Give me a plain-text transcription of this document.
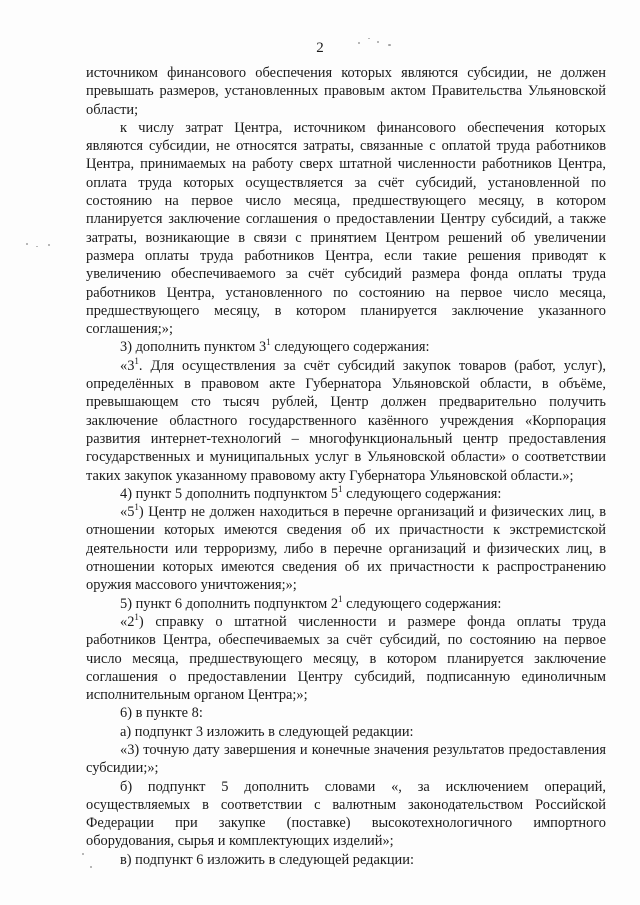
2

источником финансового обеспечения которых являются субсидии, не должен превышать размеров, установленных правовым актом Правительства Ульяновской области;

к числу затрат Центра, источником финансового обеспечения которых являются субсидии, не относятся затраты, связанные с оплатой труда работников Центра, принимаемых на работу сверх штатной численности работников Центра, оплата труда которых осуществляется за счёт субсидий, установленной по состоянию на первое число месяца, предшествующего месяцу, в котором планируется заключение соглашения о предоставлении Центру субсидий, а также затраты, возникающие в связи с принятием Центром решений об увеличении размера оплаты труда работников Центра, если такие решения приводят к увеличению обеспечиваемого за счёт субсидий размера фонда оплаты труда работников Центра, установленного по состоянию на первое число месяца, предшествующего месяцу, в котором планируется заключение указанного соглашения;»;

3) дополнить пунктом $3^1$ следующего содержания:

«$3^1$. Для осуществления за счёт субсидий закупок товаров (работ, услуг), определённых в правовом акте Губернатора Ульяновской области, в объёме, превышающем сто тысяч рублей, Центр должен предварительно получить заключение областного государственного казённого учреждения «Корпорация развития интернет-технологий – многофункциональный центр предоставления государственных и муниципальных услуг в Ульяновской области» о соответствии таких закупок указанному правовому акту Губернатора Ульяновской области.»;

4) пункт 5 дополнить подпунктом $5^1$ следующего содержания:

«$5^1$) Центр не должен находиться в перечне организаций и физических лиц, в отношении которых имеются сведения об их причастности к экстремистской деятельности или терроризму, либо в перечне организаций и физических лиц, в отношении которых имеются сведения об их причастности к распространению оружия массового уничтожения;»;

5) пункт 6 дополнить подпунктом $2^1$ следующего содержания:

«$2^1$) справку о штатной численности и размере фонда оплаты труда работников Центра, обеспечиваемых за счёт субсидий, по состоянию на первое число месяца, предшествующего месяцу, в котором планируется заключение соглашения о предоставлении Центру субсидий, подписанную единоличным исполнительным органом Центра;»;

6) в пункте 8:

а) подпункт 3 изложить в следующей редакции:

«3) точную дату завершения и конечные значения результатов предоставления субсидии;»;

б) подпункт 5 дополнить словами «, за исключением операций, осуществляемых в соответствии с валютным законодательством Российской Федерации при закупке (поставке) высокотехнологичного импортного оборудования, сырья и комплектующих изделий»;

в) подпункт 6 изложить в следующей редакции:
